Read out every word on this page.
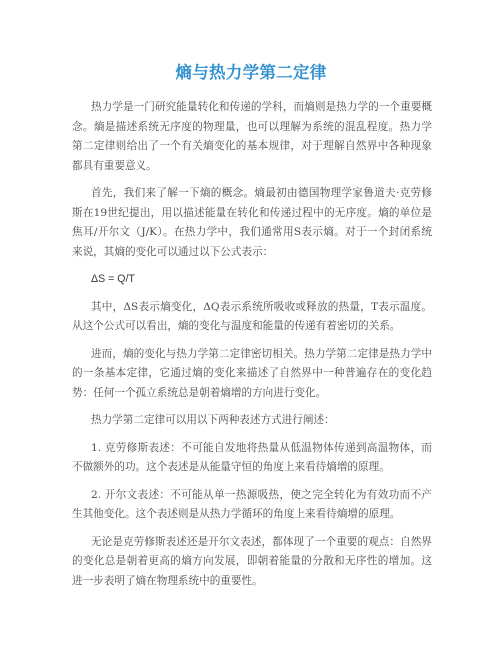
熵与热力学第二定律

热力学是一门研究能量转化和传递的学科，而熵则是热力学的一个重要概念。熵是描述系统无序度的物理量，也可以理解为系统的混乱程度。热力学第二定律则给出了一个有关熵变化的基本规律，对于理解自然界中各种现象都具有重要意义。

首先，我们来了解一下熵的概念。熵最初由德国物理学家鲁道夫·克劳修斯在19世纪提出，用以描述能量在转化和传递过程中的无序度。熵的单位是焦耳/开尔文（J/K）。在热力学中，我们通常用S表示熵。对于一个封闭系统来说，其熵的变化可以通过以下公式表示：

ΔS = Q/T

其中，ΔS表示熵变化，ΔQ表示系统所吸收或释放的热量，T表示温度。从这个公式可以看出，熵的变化与温度和能量的传递有着密切的关系。

进而，熵的变化与热力学第二定律密切相关。热力学第二定律是热力学中的一条基本定律，它通过熵的变化来描述了自然界中一种普遍存在的变化趋势：任何一个孤立系统总是朝着熵增的方向进行变化。

热力学第二定律可以用以下两种表述方式进行阐述：

1. 克劳修斯表述：不可能自发地将热量从低温物体传递到高温物体，而不做额外的功。这个表述是从能量守恒的角度上来看待熵增的原理。

2. 开尔文表述：不可能从单一热源吸热，使之完全转化为有效功而不产生其他变化。这个表述则是从热力学循环的角度上来看待熵增的原理。

无论是克劳修斯表述还是开尔文表述，都体现了一个重要的观点：自然界的变化总是朝着更高的熵方向发展，即朝着能量的分散和无序性的增加。这进一步表明了熵在物理系统中的重要性。
